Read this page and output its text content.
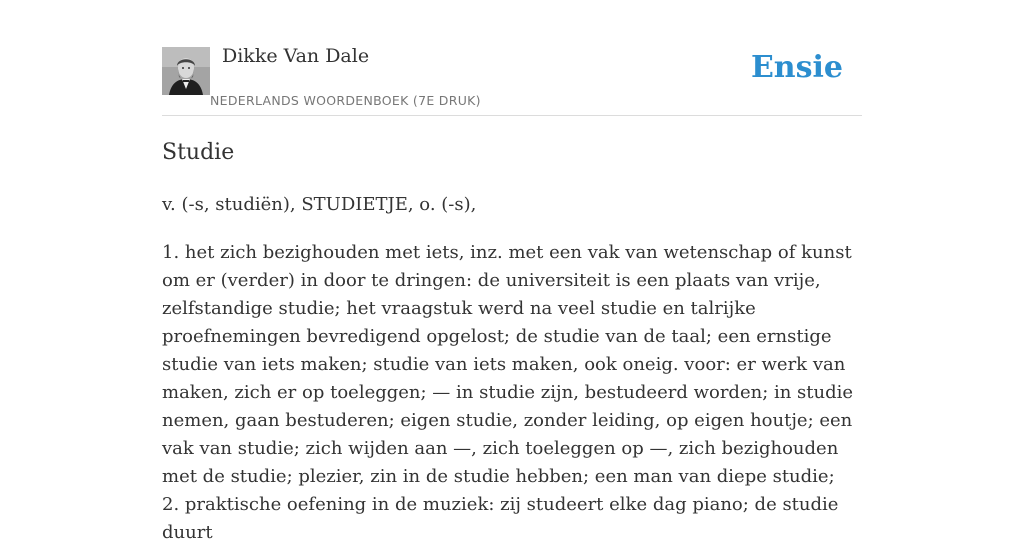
Dikke Van Dale
NEDERLANDS WOORDENBOEK (7E DRUK)
Ensie
Studie

v. (-s, studiën), STUDIETJE, o. (-s),

1. het zich bezighouden met iets, inz. met een vak van wetenschap of kunst om er (verder) in door te dringen: de universiteit is een plaats van vrije, zelfstandige studie; het vraagstuk werd na veel studie en talrijke proefnemingen bevredigend opgelost; de studie van de taal; een ernstige studie van iets maken; studie van iets maken, ook oneig. voor: er werk van maken, zich er op toeleggen; — in studie zijn, bestudeerd worden; in studie nemen, gaan bestuderen; eigen studie, zonder leiding, op eigen houtje; een vak van studie; zich wijden aan —, zich toeleggen op —, zich bezighouden met de studie; plezier, zin in de studie hebben; een man van diepe studie;
2. praktische oefening in de muziek: zij studeert elke dag piano; de studie duurt
